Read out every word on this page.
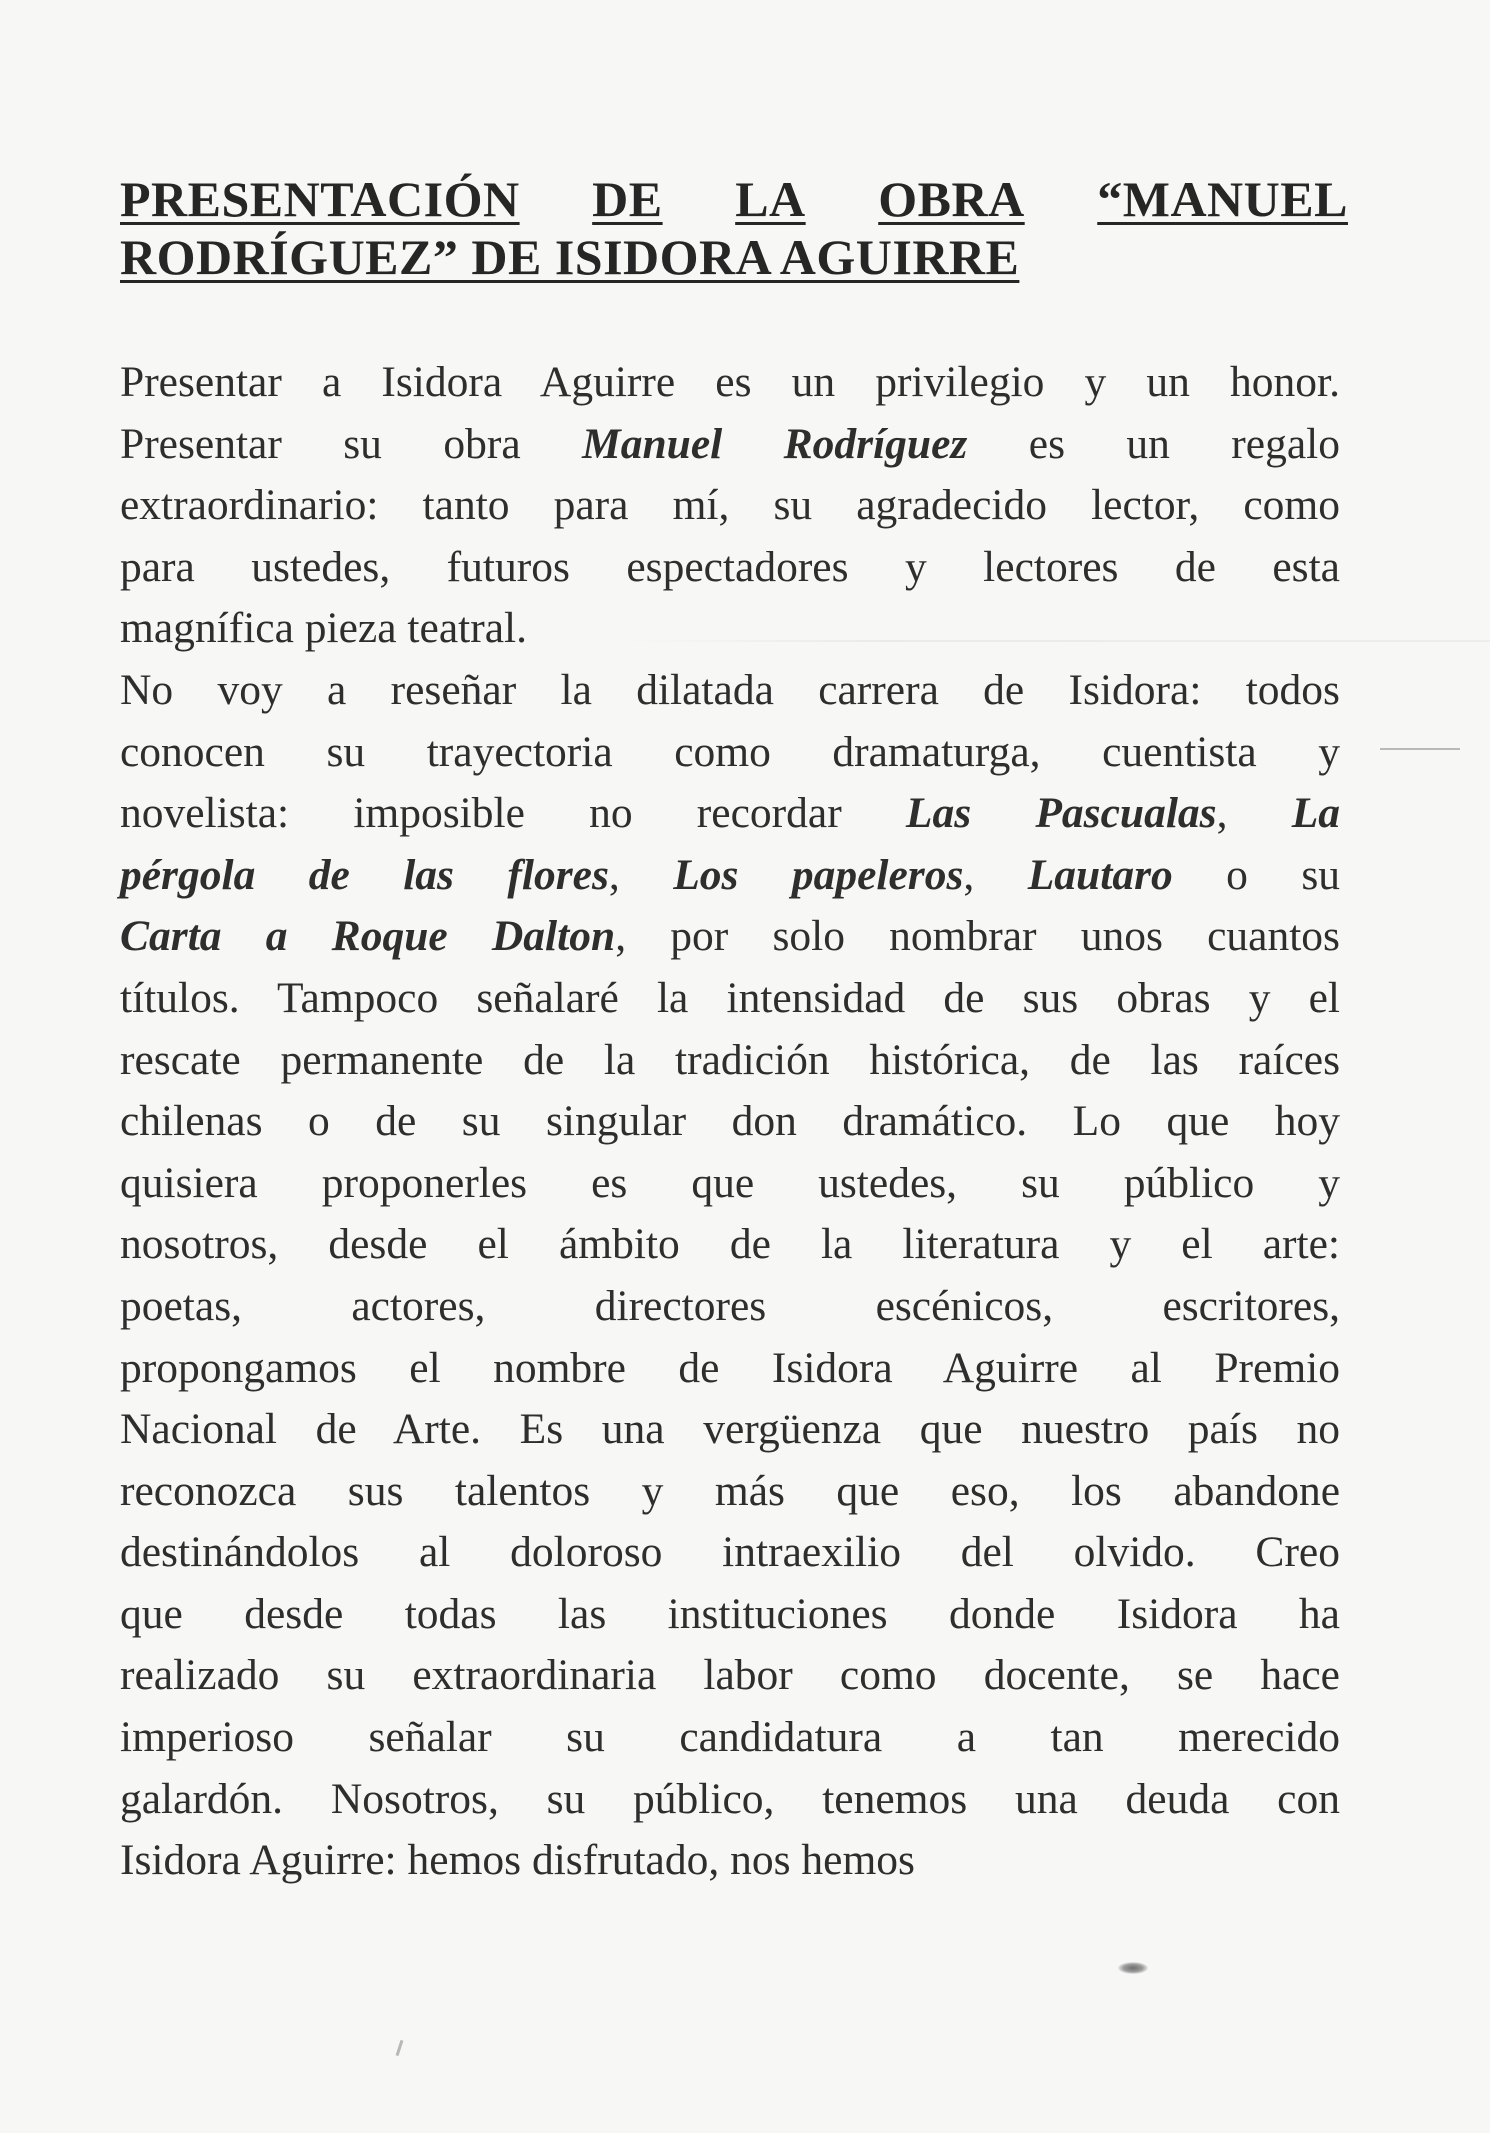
PRESENTACIÓN DE LA OBRA “MANUEL
RODRÍGUEZ” DE ISIDORA AGUIRRE
Presentar a Isidora Aguirre es un privilegio y un honor.
Presentar su obra Manuel Rodríguez es un regalo
extraordinario: tanto para mí, su agradecido lector, como
para ustedes, futuros espectadores y lectores de esta
magnífica pieza teatral.
No voy a reseñar la dilatada carrera de Isidora: todos
conocen su trayectoria como dramaturga, cuentista y
novelista: imposible no recordar Las Pascualas, La
pérgola de las flores, Los papeleros, Lautaro o su
Carta a Roque Dalton, por solo nombrar unos cuantos
títulos. Tampoco señalaré la intensidad de sus obras y el
rescate permanente de la tradición histórica, de las raíces
chilenas o de su singular don dramático. Lo que hoy
quisiera proponerles es que ustedes, su público y
nosotros, desde el ámbito de la literatura y el arte:
poetas, actores, directores escénicos, escritores,
propongamos el nombre de Isidora Aguirre al Premio
Nacional de Arte. Es una vergüenza que nuestro país no
reconozca sus talentos y más que eso, los abandone
destinándolos al doloroso intraexilio del olvido. Creo
que desde todas las instituciones donde Isidora ha
realizado su extraordinaria labor como docente, se hace
imperioso señalar su candidatura a tan merecido
galardón. Nosotros, su público, tenemos una deuda con
Isidora Aguirre: hemos disfrutado, nos hemos
